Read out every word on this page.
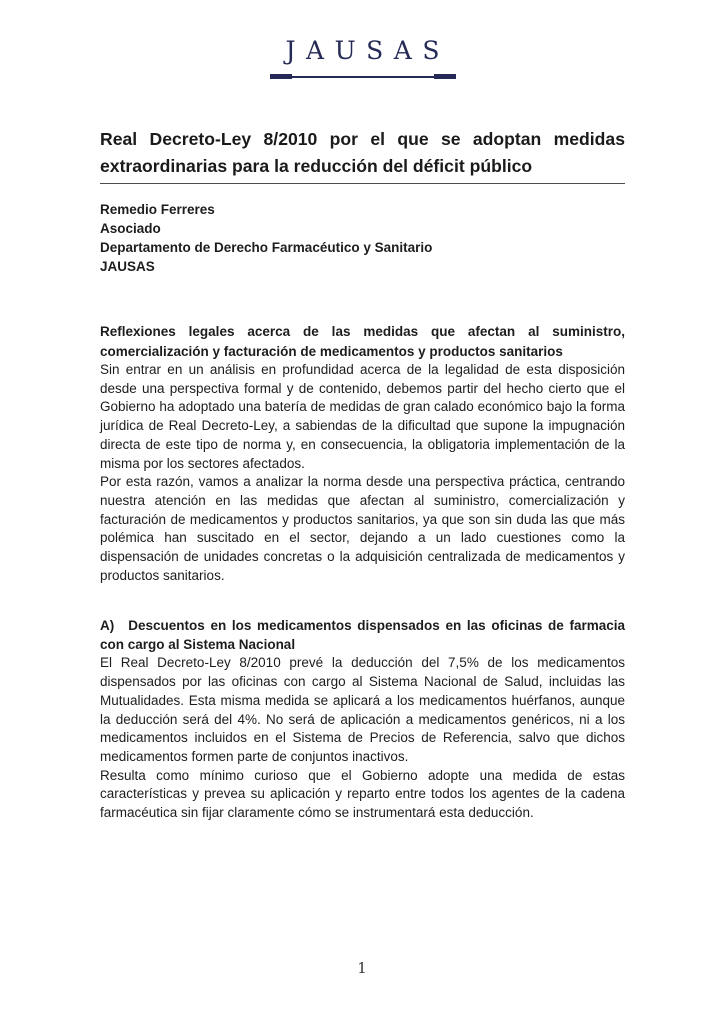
JAUSAS
Real Decreto-Ley 8/2010 por el que se adoptan medidas extraordinarias para la reducción del déficit público
Remedio Ferreres
Asociado
Departamento de Derecho Farmacéutico y Sanitario
JAUSAS
Reflexiones legales acerca de las medidas que afectan al suministro, comercialización y facturación de medicamentos y productos sanitarios

Sin entrar en un análisis en profundidad acerca de la legalidad de esta disposición desde una perspectiva formal y de contenido, debemos partir del hecho cierto que el Gobierno ha adoptado una batería de medidas de gran calado económico bajo la forma jurídica de Real Decreto-Ley, a sabiendas de la dificultad que supone la impugnación directa de este tipo de norma y, en consecuencia, la obligatoria implementación de la misma por los sectores afectados.

Por esta razón, vamos a analizar la norma desde una perspectiva práctica, centrando nuestra atención en las medidas que afectan al suministro, comercialización y facturación de medicamentos y productos sanitarios, ya que son sin duda las que más polémica han suscitado en el sector, dejando a un lado cuestiones como la dispensación de unidades concretas o la adquisición centralizada de medicamentos y productos sanitarios.

A) Descuentos en los medicamentos dispensados en las oficinas de farmacia con cargo al Sistema Nacional

El Real Decreto-Ley 8/2010 prevé la deducción del 7,5% de los medicamentos dispensados por las oficinas con cargo al Sistema Nacional de Salud, incluidas las Mutualidades. Esta misma medida se aplicará a los medicamentos huérfanos, aunque la deducción será del 4%. No será de aplicación a medicamentos genéricos, ni a los medicamentos incluidos en el Sistema de Precios de Referencia, salvo que dichos medicamentos formen parte de conjuntos inactivos.

Resulta como mínimo curioso que el Gobierno adopte una medida de estas características y prevea su aplicación y reparto entre todos los agentes de la cadena farmacéutica sin fijar claramente cómo se instrumentará esta deducción.

1
